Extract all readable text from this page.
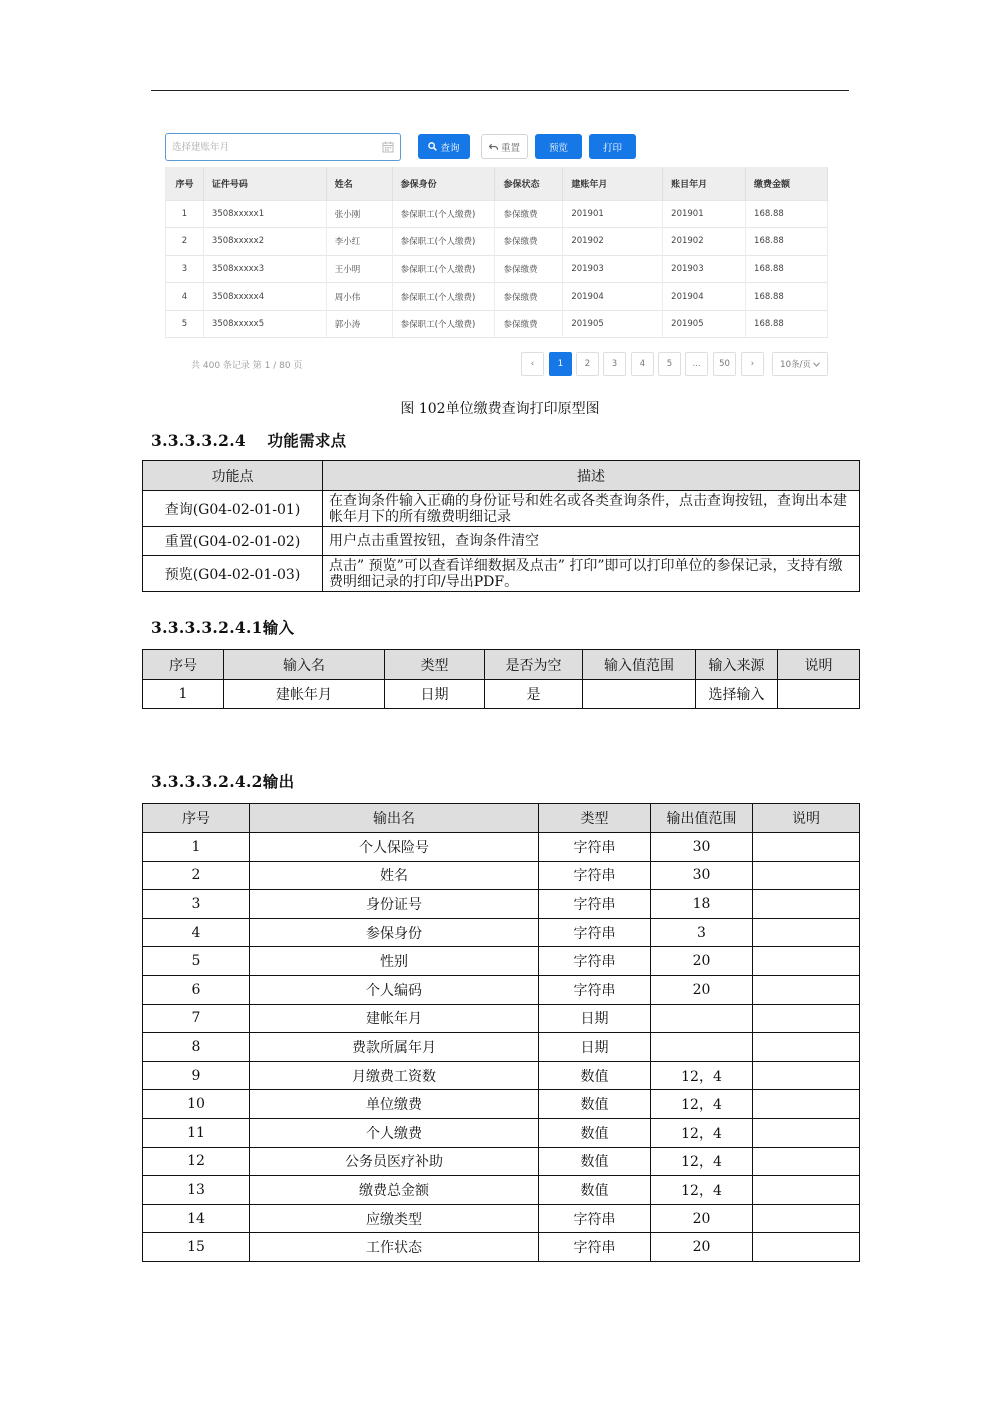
选择建账年月
查询	重置	预览	打印
序号	证件号码	姓名	参保身份	参保状态	建账年月	账目年月	缴费金额
1	3508xxxxx1	张小刚	参保职工(个人缴费)	参保缴费	201901	201901	168.88
2	3508xxxxx2	李小红	参保职工(个人缴费)	参保缴费	201902	201902	168.88
3	3508xxxxx3	王小明	参保职工(个人缴费)	参保缴费	201903	201903	168.88
4	3508xxxxx4	周小伟	参保职工(个人缴费)	参保缴费	201904	201904	168.88
5	3508xxxxx5	郭小涛	参保职工(个人缴费)	参保缴费	201905	201905	168.88
共 400 条记录 第 1 / 80 页	‹	1	2	3	4	5	...	50	›	10条/页
图 102单位缴费查询打印原型图
3.3.3.3.2.4　 功能需求点
功能点	描述
查询(G04-02-01-01)	在查询条件输入正确的身份证号和姓名或各类查询条件，点击查询按钮，查询出本建帐年月下的所有缴费明细记录
重置(G04-02-01-02)	用户点击重置按钮，查询条件清空
预览(G04-02-01-03)	点击” 预览”可以查看详细数据及点击” 打印”即可以打印单位的参保记录，支持有缴费明细记录的打印/导出PDF。
3.3.3.3.2.4.1输入
序号	输入名	类型	是否为空	输入值范围	输入来源	说明
1	建帐年月	日期	是		选择输入	
3.3.3.3.2.4.2输出
序号	输出名	类型	输出值范围	说明
1	个人保险号	字符串	30	
2	姓名	字符串	30	
3	身份证号	字符串	18	
4	参保身份	字符串	3	
5	性别	字符串	20	
6	个人编码	字符串	20	
7	建帐年月	日期		
8	费款所属年月	日期		
9	月缴费工资数	数值	12，4	
10	单位缴费	数值	12，4	
11	个人缴费	数值	12，4	
12	公务员医疗补助	数值	12，4	
13	缴费总金额	数值	12，4	
14	应缴类型	字符串	20	
15	工作状态	字符串	20	
